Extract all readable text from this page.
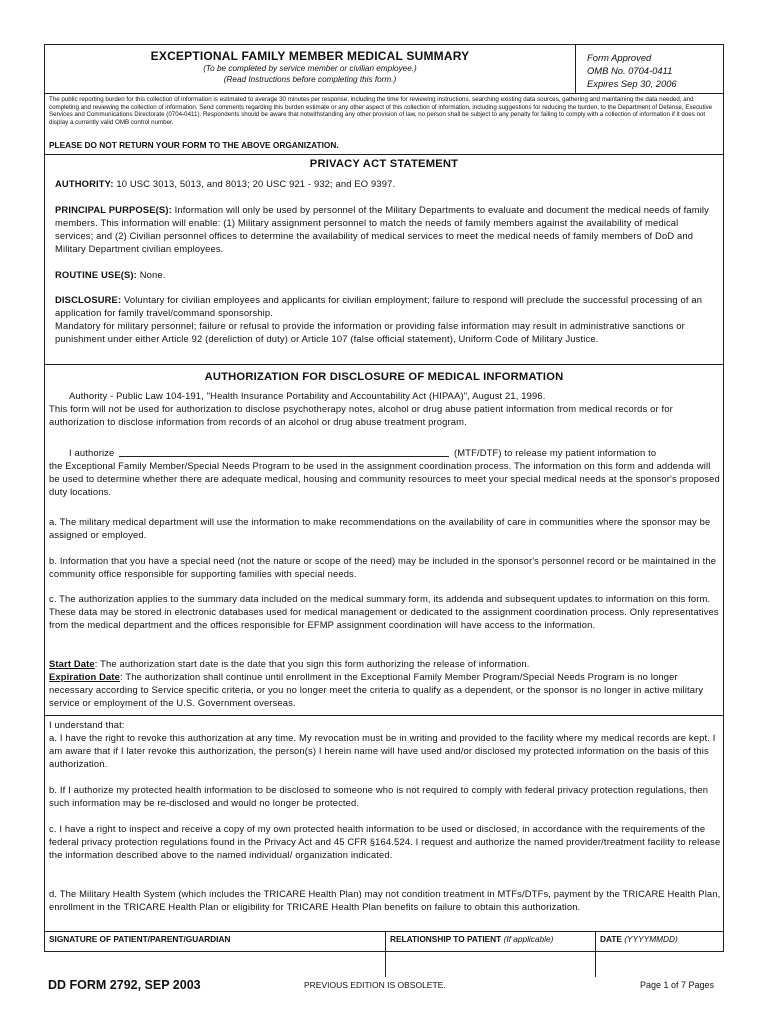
EXCEPTIONAL FAMILY MEMBER MEDICAL SUMMARY
(To be completed by service member or civilian employee.)
(Read Instructions before completing this form.)
Form Approved
OMB No. 0704-0411
Expires Sep 30, 2006
The public reporting burden for this collection of information is estimated to average 30 minutes per response, including the time for reviewing instructions, searching existing data sources, gathering and maintaining the data needed, and completing and reviewing the collection of information. Send comments regarding this burden estimate or any other aspect of this collection of information, including suggestions for reducing the burden, to the Department of Defense, Executive Services and Communications Directorate (0704-0411). Respondents should be aware that notwithstanding any other provision of law, no person shall be subject to any penalty for failing to comply with a collection of information if it does not display a currently valid OMB control number.
PLEASE DO NOT RETURN YOUR FORM TO THE ABOVE ORGANIZATION.
PRIVACY ACT STATEMENT
AUTHORITY: 10 USC 3013, 5013, and 8013; 20 USC 921 - 932; and EO 9397.
PRINCIPAL PURPOSE(S): Information will only be used by personnel of the Military Departments to evaluate and document the medical needs of family members. This information will enable: (1) Military assignment personnel to match the needs of family members against the availability of medical services; and (2) Civilian personnel offices to determine the availability of medical services to meet the medical needs of family members of DoD and Military Department civilian employees.
ROUTINE USE(S): None.
DISCLOSURE: Voluntary for civilian employees and applicants for civilian employment; failure to respond will preclude the successful processing of an application for family travel/command sponsorship.
Mandatory for military personnel; failure or refusal to provide the information or providing false information may result in administrative sanctions or punishment under either Article 92 (dereliction of duty) or Article 107 (false official statement), Uniform Code of Military Justice.
AUTHORIZATION FOR DISCLOSURE OF MEDICAL INFORMATION
Authority - Public Law 104-191, "Health Insurance Portability and Accountability Act (HIPAA)", August 21, 1996.
This form will not be used for authorization to disclose psychotherapy notes, alcohol or drug abuse patient information from medical records or for authorization to disclose information from records of an alcohol or drug abuse treatment program.
I authorize	(MTF/DTF) to release my patient information to
the Exceptional Family Member/Special Needs Program to be used in the assignment coordination process. The information on this form and addenda will be used to determine whether there are adequate medical, housing and community resources to meet your special medical needs at the sponsor's proposed duty locations.
a. The military medical department will use the information to make recommendations on the availability of care in communities where the sponsor may be assigned or employed.
b. Information that you have a special need (not the nature or scope of the need) may be included in the sponsor's personnel record or be maintained in the community office responsible for supporting families with special needs.
c. The authorization applies to the summary data included on the medical summary form, its addenda and subsequent updates to information on this form. These data may be stored in electronic databases used for medical management or dedicated to the assignment coordination process. Only representatives from the medical department and the offices responsible for EFMP assignment coordination will have access to the information.
Start Date: The authorization start date is the date that you sign this form authorizing the release of information.
Expiration Date: The authorization shall continue until enrollment in the Exceptional Family Member Program/Special Needs Program is no longer necessary according to Service specific criteria, or you no longer meet the criteria to qualify as a dependent, or the sponsor is no longer in active military service or employment of the U.S. Government overseas.
I understand that:
a. I have the right to revoke this authorization at any time. My revocation must be in writing and provided to the facility where my medical records are kept. I am aware that if I later revoke this authorization, the person(s) I herein name will have used and/or disclosed my protected information on the basis of this authorization.
b. If I authorize my protected health information to be disclosed to someone who is not required to comply with federal privacy protection regulations, then such information may be re-disclosed and would no longer be protected.
c. I have a right to inspect and receive a copy of my own protected health information to be used or disclosed, in accordance with the requirements of the federal privacy protection regulations found in the Privacy Act and 45 CFR §164.524. I request and authorize the named provider/treatment facility to release the information described above to the named individual/ organization indicated.
d. The Military Health System (which includes the TRICARE Health Plan) may not condition treatment in MTFs/DTFs, payment by the TRICARE Health Plan, enrollment in the TRICARE Health Plan or eligibility for TRICARE Health Plan benefits on failure to obtain this authorization.
SIGNATURE OF PATIENT/PARENT/GUARDIAN	RELATIONSHIP TO PATIENT (If applicable)	DATE (YYYYMMDD)
DD FORM 2792, SEP 2003	PREVIOUS EDITION IS OBSOLETE.	Page 1 of 7 Pages
